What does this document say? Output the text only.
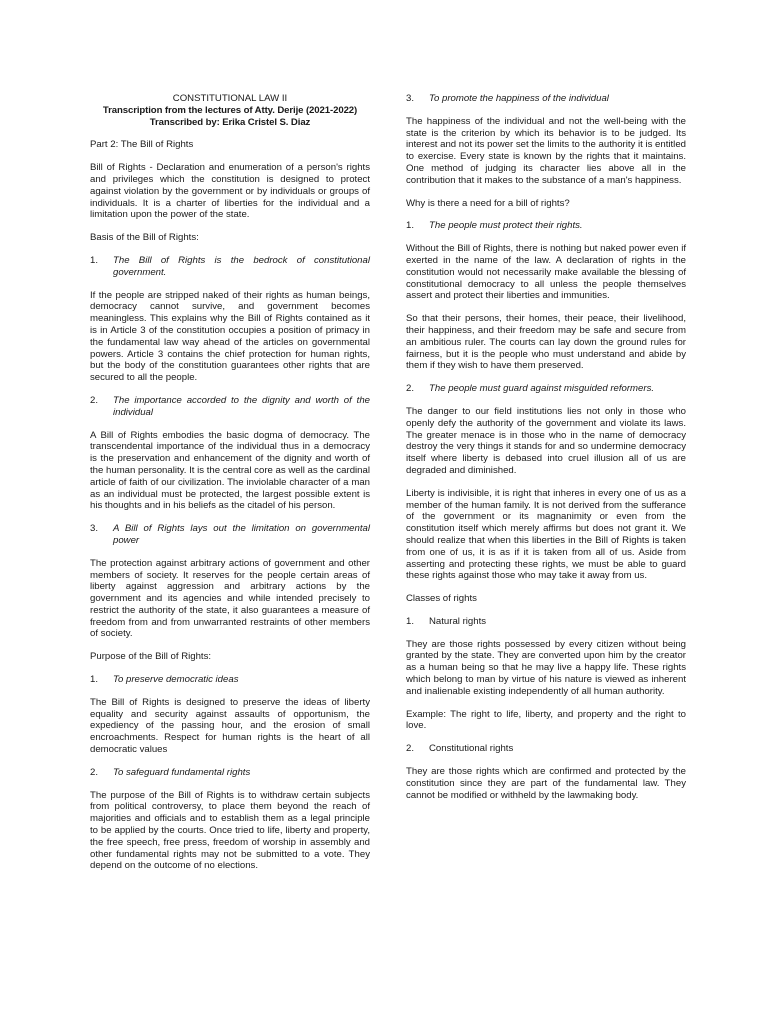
CONSTITUTIONAL LAW II
Transcription from the lectures of Atty. Derije (2021-2022)
Transcribed by: Erika Cristel S. Diaz
Part 2: The Bill of Rights

Bill of Rights - Declaration and enumeration of a person's rights and privileges which the constitution is designed to protect against violation by the government or by individuals or groups of individuals. It is a charter of liberties for the individual and a limitation upon the power of the state.

Basis of the Bill of Rights:
1.	The Bill of Rights is the bedrock of constitutional government.

If the people are stripped naked of their rights as human beings, democracy cannot survive, and government becomes meaningless. This explains why the Bill of Rights contained as it is in Article 3 of the constitution occupies a position of primacy in the fundamental law way ahead of the articles on governmental powers. Article 3 contains the chief protection for human rights, but the body of the constitution guarantees other rights that are secured to all the people.

2.	The importance accorded to the dignity and worth of the individual

A Bill of Rights embodies the basic dogma of democracy. The transcendental importance of the individual thus in a democracy is the preservation and enhancement of the dignity and worth of the human personality. It is the central core as well as the cardinal article of faith of our civilization. The inviolable character of a man as an individual must be protected, the largest possible extent is his thoughts and in his beliefs as the citadel of his person.

3.	A Bill of Rights lays out the limitation on governmental power

The protection against arbitrary actions of government and other members of society. It reserves for the people certain areas of liberty against aggression and arbitrary actions by the government and its agencies and while intended precisely to restrict the authority of the state, it also guarantees a measure of freedom from and from unwarranted restraints of other members of society.

Purpose of the Bill of Rights:
1.	To preserve democratic ideas

The Bill of Rights is designed to preserve the ideas of liberty equality and security against assaults of opportunism, the expediency of the passing hour, and the erosion of small encroachments. Respect for human rights is the heart of all democratic values

2.	To safeguard fundamental rights

The purpose of the Bill of Rights is to withdraw certain subjects from political controversy, to place them beyond the reach of majorities and officials and to establish them as a legal principle to be applied by the courts. Once tried to life, liberty and property, the free speech, free press, freedom of worship in assembly and other fundamental rights may not be submitted to a vote. They depend on the outcome of no elections.

3.	To promote the happiness of the individual

The happiness of the individual and not the well-being with the state is the criterion by which its behavior is to be judged. Its interest and not its power set the limits to the authority it is entitled to exercise. Every state is known by the rights that it maintains. One method of judging its character lies above all in the contribution that it makes to the substance of a man's happiness.

Why is there a need for a bill of rights?
1.	The people must protect their rights.

Without the Bill of Rights, there is nothing but naked power even if exerted in the name of the law. A declaration of rights in the constitution would not necessarily make available the blessing of constitutional democracy to all unless the people themselves assert and protect their liberties and immunities.

So that their persons, their homes, their peace, their livelihood, their happiness, and their freedom may be safe and secure from an ambitious ruler. The courts can lay down the ground rules for fairness, but it is the people who must understand and abide by them if they wish to have them preserved.

2.	The people must guard against misguided reformers.

The danger to our field institutions lies not only in those who openly defy the authority of the government and violate its laws. The greater menace is in those who in the name of democracy destroy the very things it stands for and so undermine democracy itself where liberty is debased into cruel illusion all of us are degraded and diminished.

Liberty is indivisible, it is right that inheres in every one of us as a member of the human family. It is not derived from the sufferance of the government or its magnanimity or even from the constitution itself which merely affirms but does not grant it. We should realize that when this liberties in the Bill of Rights is taken from one of us, it is as if it is taken from all of us. Aside from asserting and protecting these rights, we must be able to guard these rights against those who may take it away from us.

Classes of rights
1.	Natural rights

They are those rights possessed by every citizen without being granted by the state. They are converted upon him by the creator as a human being so that he may live a happy life. These rights which belong to man by virtue of his nature is viewed as inherent and inalienable existing independently of all human authority.

Example: The right to life, liberty, and property and the right to love.

2.	Constitutional rights

They are those rights which are confirmed and protected by the constitution since they are part of the fundamental law. They cannot be modified or withheld by the lawmaking body.
